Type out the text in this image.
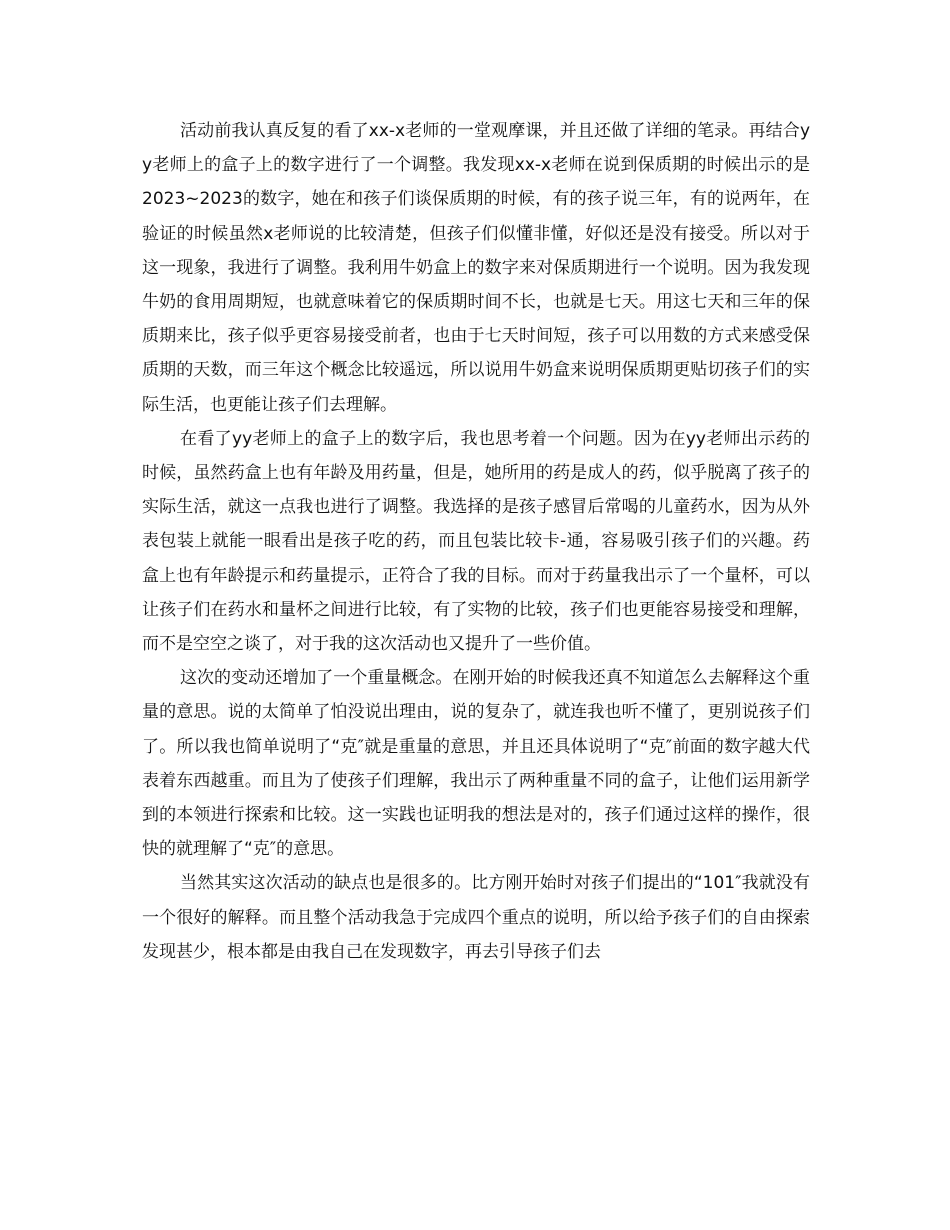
活动前我认真反复的看了xx-x老师的一堂观摩课，并且还做了详细的笔录。再结合yy老师上的盒子上的数字进行了一个调整。我发现xx-x老师在说到保质期的时候出示的是2023~2023的数字，她在和孩子们谈保质期的时候，有的孩子说三年，有的说两年，在验证的时候虽然x老师说的比较清楚，但孩子们似懂非懂，好似还是没有接受。所以对于这一现象，我进行了调整。我利用牛奶盒上的数字来对保质期进行一个说明。因为我发现牛奶的食用周期短，也就意味着它的保质期时间不长，也就是七天。用这七天和三年的保质期来比，孩子似乎更容易接受前者，也由于七天时间短，孩子可以用数的方式来感受保质期的天数，而三年这个概念比较遥远，所以说用牛奶盒来说明保质期更贴切孩子们的实际生活，也更能让孩子们去理解。

在看了yy老师上的盒子上的数字后，我也思考着一个问题。因为在yy老师出示药的时候，虽然药盒上也有年龄及用药量，但是，她所用的药是成人的药，似乎脱离了孩子的实际生活，就这一点我也进行了调整。我选择的是孩子感冒后常喝的儿童药水，因为从外表包装上就能一眼看出是孩子吃的药，而且包装比较卡-通，容易吸引孩子们的兴趣。药盒上也有年龄提示和药量提示，正符合了我的目标。而对于药量我出示了一个量杯，可以让孩子们在药水和量杯之间进行比较，有了实物的比较，孩子们也更能容易接受和理解，而不是空空之谈了，对于我的这次活动也又提升了一些价值。

这次的变动还增加了一个重量概念。在刚开始的时候我还真不知道怎么去解释这个重量的意思。说的太简单了怕没说出理由，说的复杂了，就连我也听不懂了，更别说孩子们了。所以我也简单说明了“克″就是重量的意思，并且还具体说明了“克″前面的数字越大代表着东西越重。而且为了使孩子们理解，我出示了两种重量不同的盒子，让他们运用新学到的本领进行探索和比较。这一实践也证明我的想法是对的，孩子们通过这样的操作，很快的就理解了“克″的意思。

当然其实这次活动的缺点也是很多的。比方刚开始时对孩子们提出的“101″我就没有一个很好的解释。而且整个活动我急于完成四个重点的说明，所以给予孩子们的自由探索发现甚少，根本都是由我自己在发现数字，再去引导孩子们去
